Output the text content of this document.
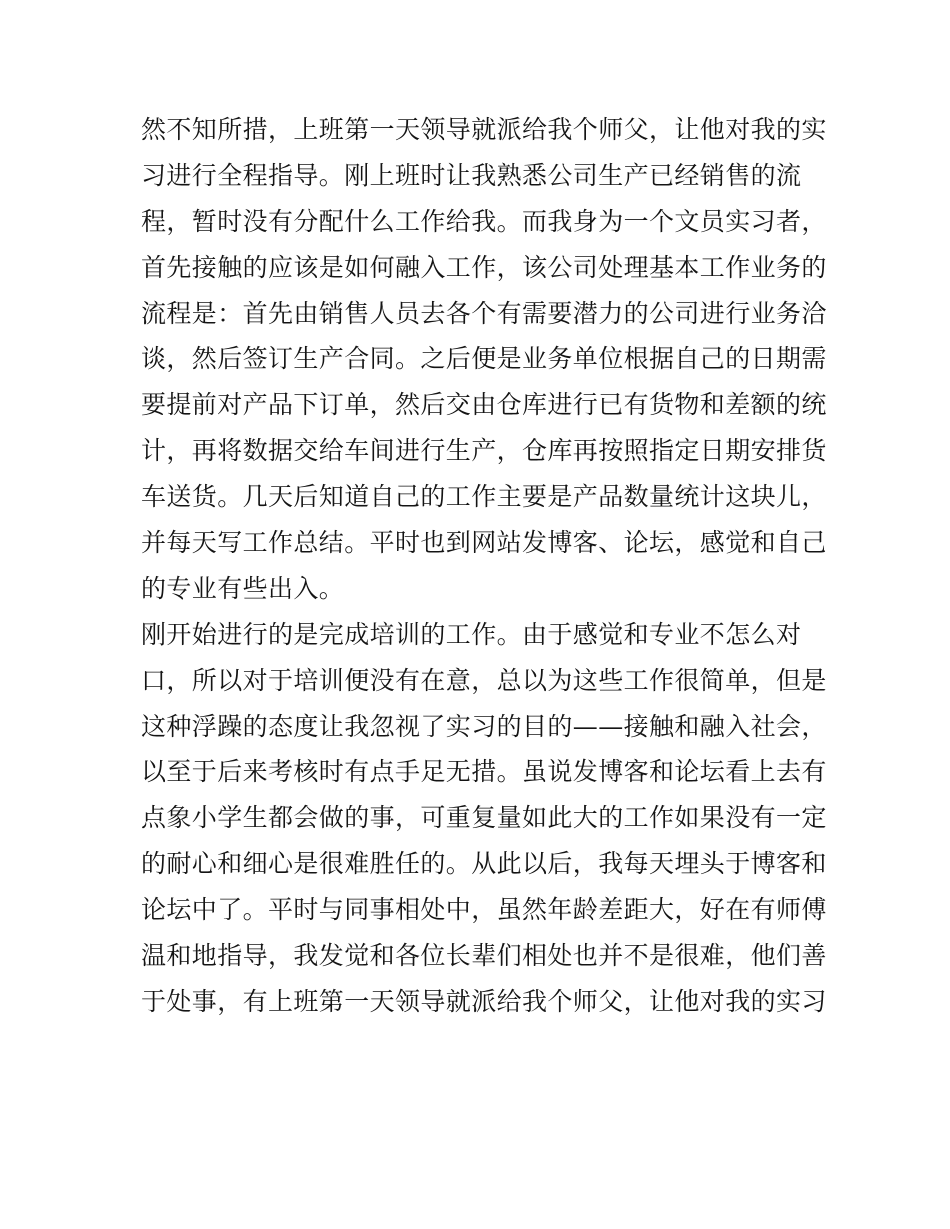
然不知所措，上班第一天领导就派给我个师父，让他对我的实
习进行全程指导。刚上班时让我熟悉公司生产已经销售的流
程，暂时没有分配什么工作给我。而我身为一个文员实习者，
首先接触的应该是如何融入工作，该公司处理基本工作业务的
流程是：首先由销售人员去各个有需要潜力的公司进行业务洽
谈，然后签订生产合同。之后便是业务单位根据自己的日期需
要提前对产品下订单，然后交由仓库进行已有货物和差额的统
计，再将数据交给车间进行生产，仓库再按照指定日期安排货
车送货。几天后知道自己的工作主要是产品数量统计这块儿，
并每天写工作总结。平时也到网站发博客、论坛，感觉和自己
的专业有些出入。
刚开始进行的是完成培训的工作。由于感觉和专业不怎么对
口，所以对于培训便没有在意，总以为这些工作很简单，但是
这种浮躁的态度让我忽视了实习的目的——接触和融入社会，
以至于后来考核时有点手足无措。虽说发博客和论坛看上去有
点象小学生都会做的事，可重复量如此大的工作如果没有一定
的耐心和细心是很难胜任的。从此以后，我每天埋头于博客和
论坛中了。平时与同事相处中，虽然年龄差距大，好在有师傅
温和地指导，我发觉和各位长辈们相处也并不是很难，他们善
于处事，有上班第一天领导就派给我个师父，让他对我的实习
